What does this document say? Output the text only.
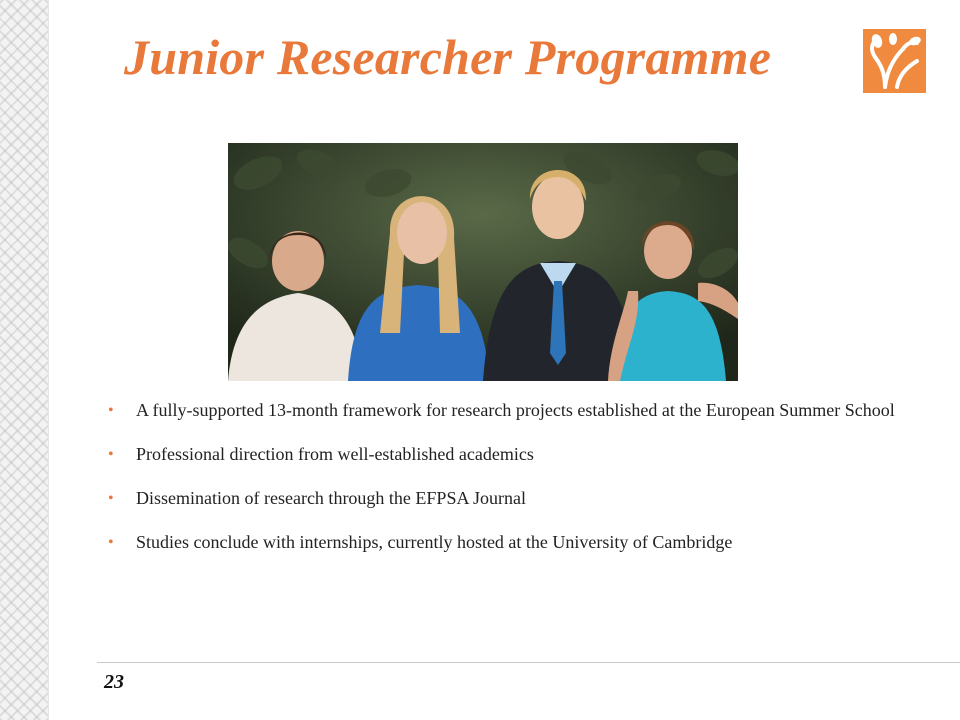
Junior Researcher Programme
• A fully-supported 13-month framework for research projects established at the European Summer School
• Professional direction from well-established academics
• Dissemination of research through the EFPSA Journal
• Studies conclude with internships, currently hosted at the University of Cambridge
23
